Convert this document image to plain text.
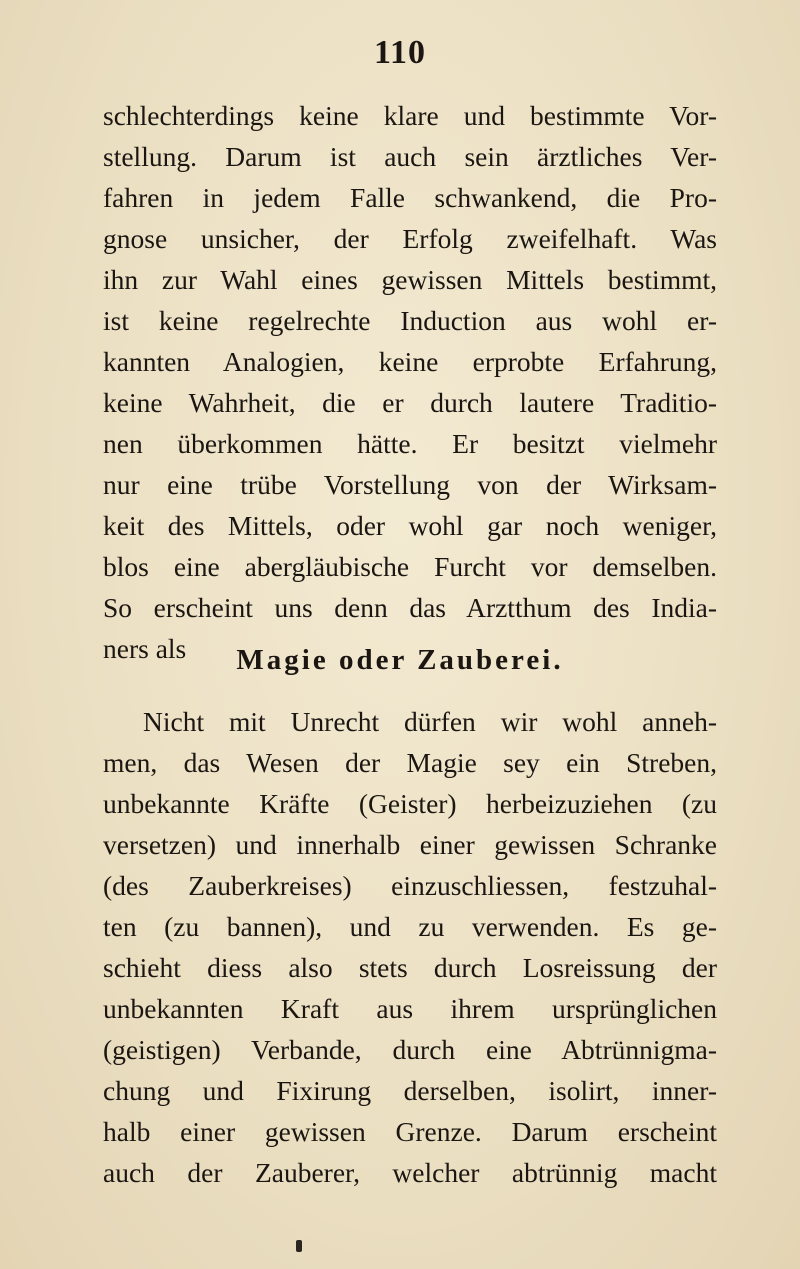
110
schlechterdings keine klare und bestimmte Vor-
stellung. Darum ist auch sein ärztliches Ver-
fahren in jedem Falle schwankend, die Pro-
gnose unsicher, der Erfolg zweifelhaft. Was
ihn zur Wahl eines gewissen Mittels bestimmt,
ist keine regelrechte Induction aus wohl er-
kannten Analogien, keine erprobte Erfahrung,
keine Wahrheit, die er durch lautere Traditio-
nen überkommen hätte. Er besitzt vielmehr
nur eine trübe Vorstellung von der Wirksam-
keit des Mittels, oder wohl gar noch weniger,
blos eine abergläubische Furcht vor demselben.
So erscheint uns denn das Arztthum des India-
ners als	Magie oder Zauberei.
Nicht mit Unrecht dürfen wir wohl anneh-
men, das Wesen der Magie sey ein Streben,
unbekannte Kräfte (Geister) herbeizuziehen (zu
versetzen) und innerhalb einer gewissen Schranke
(des Zauberkreises) einzuschliessen, festzuhal-
ten (zu bannen), und zu verwenden. Es ge-
schieht diess also stets durch Losreissung der
unbekannten Kraft aus ihrem ursprünglichen
(geistigen) Verbande, durch eine Abtrünnigma-
chung und Fixirung derselben, isolirt, inner-
halb einer gewissen Grenze. Darum erscheint
auch der Zauberer, welcher abtrünnig macht
